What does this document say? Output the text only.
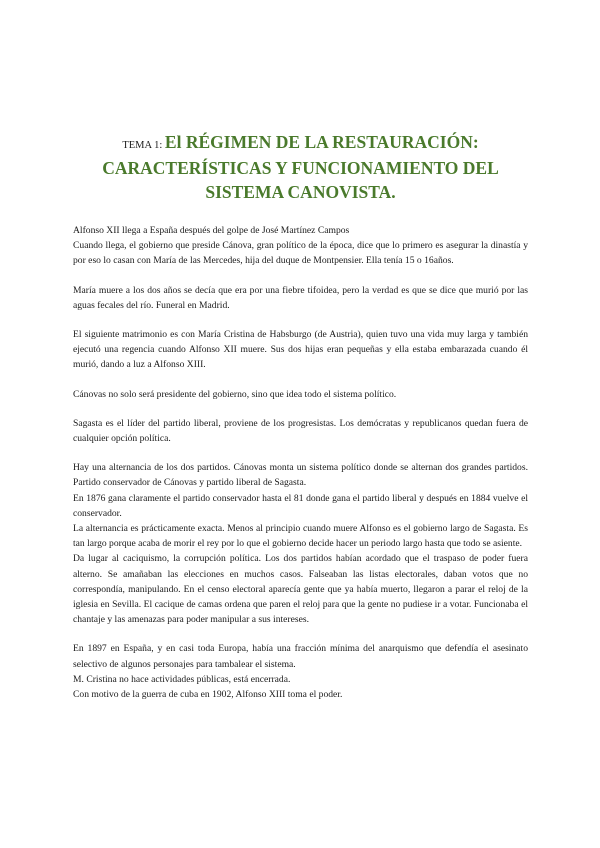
TEMA 1: El RÉGIMEN DE LA RESTAURACIÓN:
CARACTERÍSTICAS Y FUNCIONAMIENTO DEL
SISTEMA CANOVISTA.

Alfonso XII llega a España después del golpe de José Martínez Campos

Cuando llega, el gobierno que preside Cánova, gran político de la época, dice que lo primero es asegurar la dinastía y por eso lo casan con María de las Mercedes, hija del duque de Montpensier. Ella tenía 15 o 16años.

María muere a los dos años se decía que era por una fiebre tifoidea, pero la verdad es que se dice que murió por las aguas fecales del río. Funeral en Madrid.

El siguiente matrimonio es con María Cristina de Habsburgo (de Austria), quien tuvo una vida muy larga y también ejecutó una regencia cuando Alfonso XII muere. Sus dos hijas eran pequeñas y ella estaba embarazada cuando él murió, dando a luz a Alfonso XIII.

Cánovas no solo será presidente del gobierno, sino que idea todo el sistema político.

Sagasta es el líder del partido liberal, proviene de los progresistas. Los demócratas y republicanos quedan fuera de cualquier opción política.

Hay una alternancia de los dos partidos. Cánovas monta un sistema político donde se alternan dos grandes partidos. Partido conservador de Cánovas y partido liberal de Sagasta.

En 1876 gana claramente el partido conservador hasta el 81 donde gana el partido liberal y después en 1884 vuelve el conservador.

La alternancia es prácticamente exacta. Menos al principio cuando muere Alfonso es el gobierno largo de Sagasta. Es tan largo porque acaba de morir el rey por lo que el gobierno decide hacer un periodo largo hasta que todo se asiente.

Da lugar al caciquismo, la corrupción política. Los dos partidos habían acordado que el traspaso de poder fuera alterno. Se amañaban las elecciones en muchos casos. Falseaban las listas electorales, daban votos que no correspondía, manipulando. En el censo electoral aparecía gente que ya había muerto, llegaron a parar el reloj de la iglesia en Sevilla. El cacique de camas ordena que paren el reloj para que la gente no pudiese ir a votar. Funcionaba el chantaje y las amenazas para poder manipular a sus intereses.

En 1897 en España, y en casi toda Europa, había una fracción mínima del anarquismo que defendía el asesinato selectivo de algunos personajes para tambalear el sistema.

M. Cristina no hace actividades públicas, está encerrada.

Con motivo de la guerra de cuba en 1902, Alfonso XIII toma el poder.
